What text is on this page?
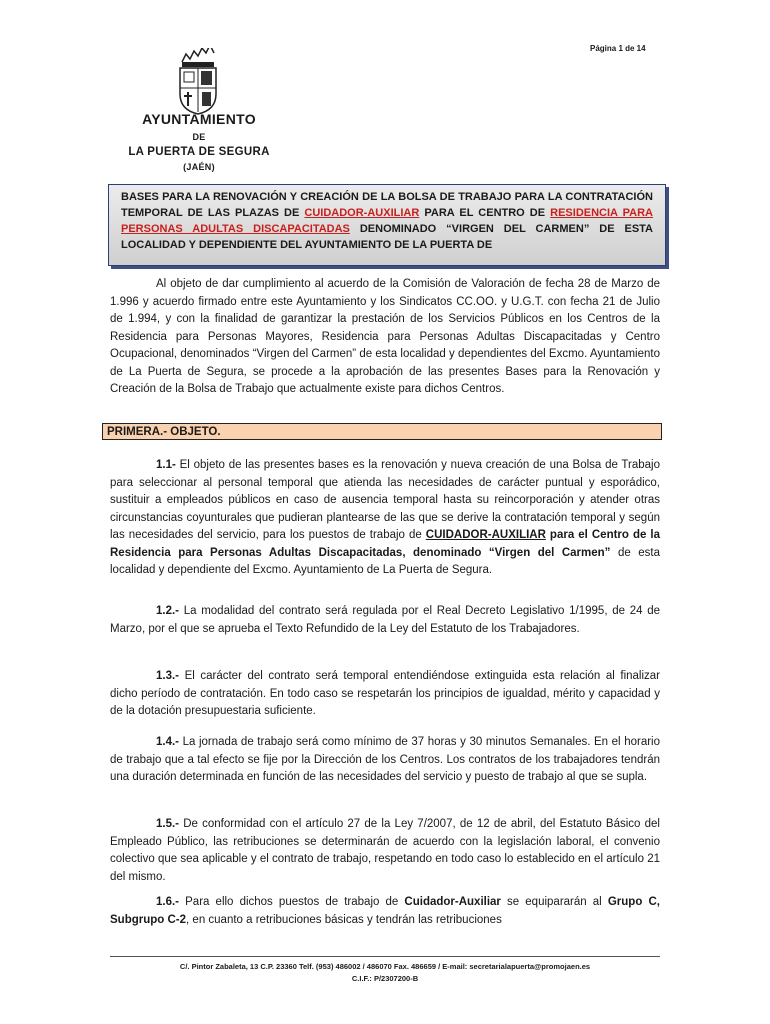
Página 1 de 14
AYUNTAMIENTO
DE
LA PUERTA DE SEGURA
(JAÉN)

BASES PARA LA RENOVACIÓN Y CREACIÓN DE LA BOLSA DE TRABAJO PARA LA CONTRATACIÓN TEMPORAL DE LAS PLAZAS DE CUIDADOR-AUXILIAR PARA EL CENTRO DE RESIDENCIA PARA PERSONAS ADULTAS DISCAPACITADAS DENOMINADO “VIRGEN DEL CARMEN” DE ESTA LOCALIDAD Y DEPENDIENTE DEL AYUNTAMIENTO DE LA PUERTA DE

Al objeto de dar cumplimiento al acuerdo de la Comisión de Valoración de fecha 28 de Marzo de 1.996 y acuerdo firmado entre este Ayuntamiento y los Sindicatos CC.OO. y U.G.T. con fecha 21 de Julio de 1.994, y con la finalidad de garantizar la prestación de los Servicios Públicos en los Centros de la Residencia para Personas Mayores, Residencia para Personas Adultas Discapacitadas y Centro Ocupacional, denominados “Virgen del Carmen” de esta localidad y dependientes del Excmo. Ayuntamiento de La Puerta de Segura, se procede a la aprobación de las presentes Bases para la Renovación y Creación de la Bolsa de Trabajo que actualmente existe para dichos Centros.

PRIMERA.- OBJETO.

1.1- El objeto de las presentes bases es la renovación y nueva creación de una Bolsa de Trabajo para seleccionar al personal temporal que atienda las necesidades de carácter puntual y esporádico, sustituir a empleados públicos en caso de ausencia temporal hasta su reincorporación y atender otras circunstancias coyunturales que pudieran plantearse de las que se derive la contratación temporal y según las necesidades del servicio, para los puestos de trabajo de CUIDADOR-AUXILIAR para el Centro de la Residencia para Personas Adultas Discapacitadas, denominado “Virgen del Carmen” de esta localidad y dependiente del Excmo. Ayuntamiento de La Puerta de Segura.

1.2.- La modalidad del contrato será regulada por el Real Decreto Legislativo 1/1995, de 24 de Marzo, por el que se aprueba el Texto Refundido de la Ley del Estatuto de los Trabajadores.

1.3.- El carácter del contrato será temporal entendiéndose extinguida esta relación al finalizar dicho período de contratación. En todo caso se respetarán los principios de igualdad, mérito y capacidad y de la dotación presupuestaria suficiente.

1.4.- La jornada de trabajo será como mínimo de 37 horas y 30 minutos Semanales. En el horario de trabajo que a tal efecto se fije por la Dirección de los Centros. Los contratos de los trabajadores tendrán una duración determinada en función de las necesidades del servicio y puesto de trabajo al que se supla.

1.5.- De conformidad con el artículo 27 de la Ley 7/2007, de 12 de abril, del Estatuto Básico del Empleado Público, las retribuciones se determinarán de acuerdo con la legislación laboral, el convenio colectivo que sea aplicable y el contrato de trabajo, respetando en todo caso lo establecido en el artículo 21 del mismo.

1.6.- Para ello dichos puestos de trabajo de Cuidador-Auxiliar se equipararán al Grupo C, Subgrupo C-2, en cuanto a retribuciones básicas y tendrán las retribuciones

C/. Pintor Zabaleta, 13 C.P. 23360 Telf. (953) 486002 / 486070 Fax. 486659 / E-mail: secretarialapuerta@promojaen.es
C.I.F.: P/2307200-B
